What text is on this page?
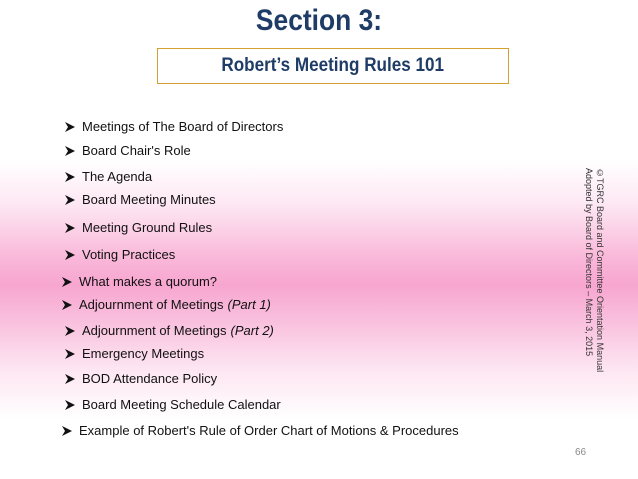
Section 3:
Robert’s Meeting Rules 101
Meetings of The Board of Directors
Board Chair's Role
The Agenda
Board Meeting Minutes
Meeting Ground Rules
Voting Practices
What makes a quorum?
Adjournment of Meetings (Part 1)
Adjournment of Meetings (Part 2)
Emergency Meetings
BOD Attendance Policy
Board Meeting Schedule Calendar
Example of Robert's Rule of Order Chart of Motions & Procedures
©TGRC Board and Committee Orientation Manual
Adopted by Board of Directors – March 3, 2015
66
